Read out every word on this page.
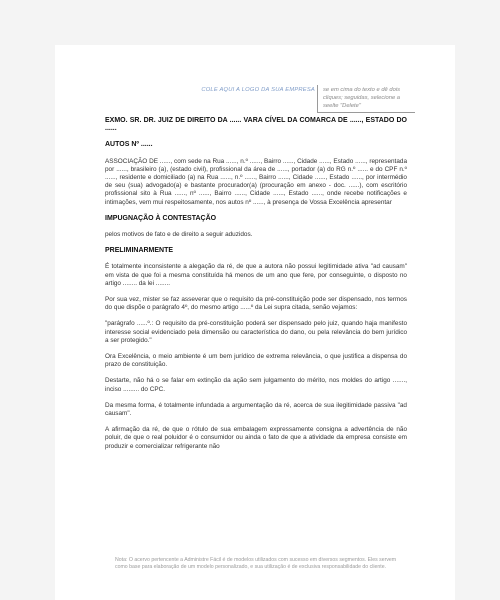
COLE AQUI A LOGO DA SUA EMPRESA se em cima do texto e dê dois
cliques; seguidas, selecione a
seelte "Delete"

EXMO. SR. DR. JUIZ DE DIREITO DA ...... VARA CÍVEL DA COMARCA DE ......, ESTADO DO ......

AUTOS Nº ......

ASSOCIAÇÃO DE ......, com sede na Rua ......, n.º ......, Bairro ......, Cidade ......, Estado ......, representada por ......, brasileiro (a), (estado civil), profissional da área de ......, portador (a) do RG n.º ...... e do CPF n.º ......, residente e domiciliado (a) na Rua ......, n.º ......, Bairro ......, Cidade ......, Estado ......, por intermédio de seu (sua) advogado(a) e bastante procurador(a) (procuração em anexo - doc. ......), com escritório profissional sito à Rua ......, nº ......, Bairro ......, Cidade ......, Estado ......, onde recebe notificações e intimações, vem mui respeitosamente, nos autos nº ......, à presença de Vossa Excelência apresentar

IMPUGNAÇÃO À CONTESTAÇÃO

pelos motivos de fato e de direito a seguir aduzidos.

PRELIMINARMENTE

É totalmente inconsistente a alegação da ré, de que a autora não possui legitimidade ativa "ad causam" em vista de que foi a mesma constituída há menos de um ano que fere, por conseguinte, o disposto no artigo ........ da lei ........

Por sua vez, mister se faz asseverar que o requisito da pré-constituição pode ser dispensado, nos termos do que dispõe o parágrafo 4º, do mesmo artigo ......º da Lei supra citada, senão vejamos:

"parágrafo ......º.: O requisito da pré-constituição poderá ser dispensado pelo juiz, quando haja manifesto interesse social evidenciado pela dimensão ou característica do dano, ou pela relevância do bem jurídico a ser protegido."

Ora Excelência, o meio ambiente é um bem jurídico de extrema relevância, o que justifica a dispensa do prazo de constituição.

Destarte, não há o se falar em extinção da ação sem julgamento do mérito, nos moldes do artigo ......., inciso ......... do CPC.

Da mesma forma, é totalmente infundada a argumentação da ré, acerca de sua ilegitimidade passiva "ad causam".

A afirmação da ré, de que o rótulo de sua embalagem expressamente consigna a advertência de não poluir, de que o real poluidor é o consumidor ou ainda o fato de que a atividade da empresa consiste em produzir e comercializar refrigerante não

Nota: O acervo pertencente a Administre Fácil é de modelos utilizados com sucesso em diversos segmentos. Eles servem como base para elaboração de um modelo personalizado, e sua utilização é de exclusiva responsabilidade do cliente.
